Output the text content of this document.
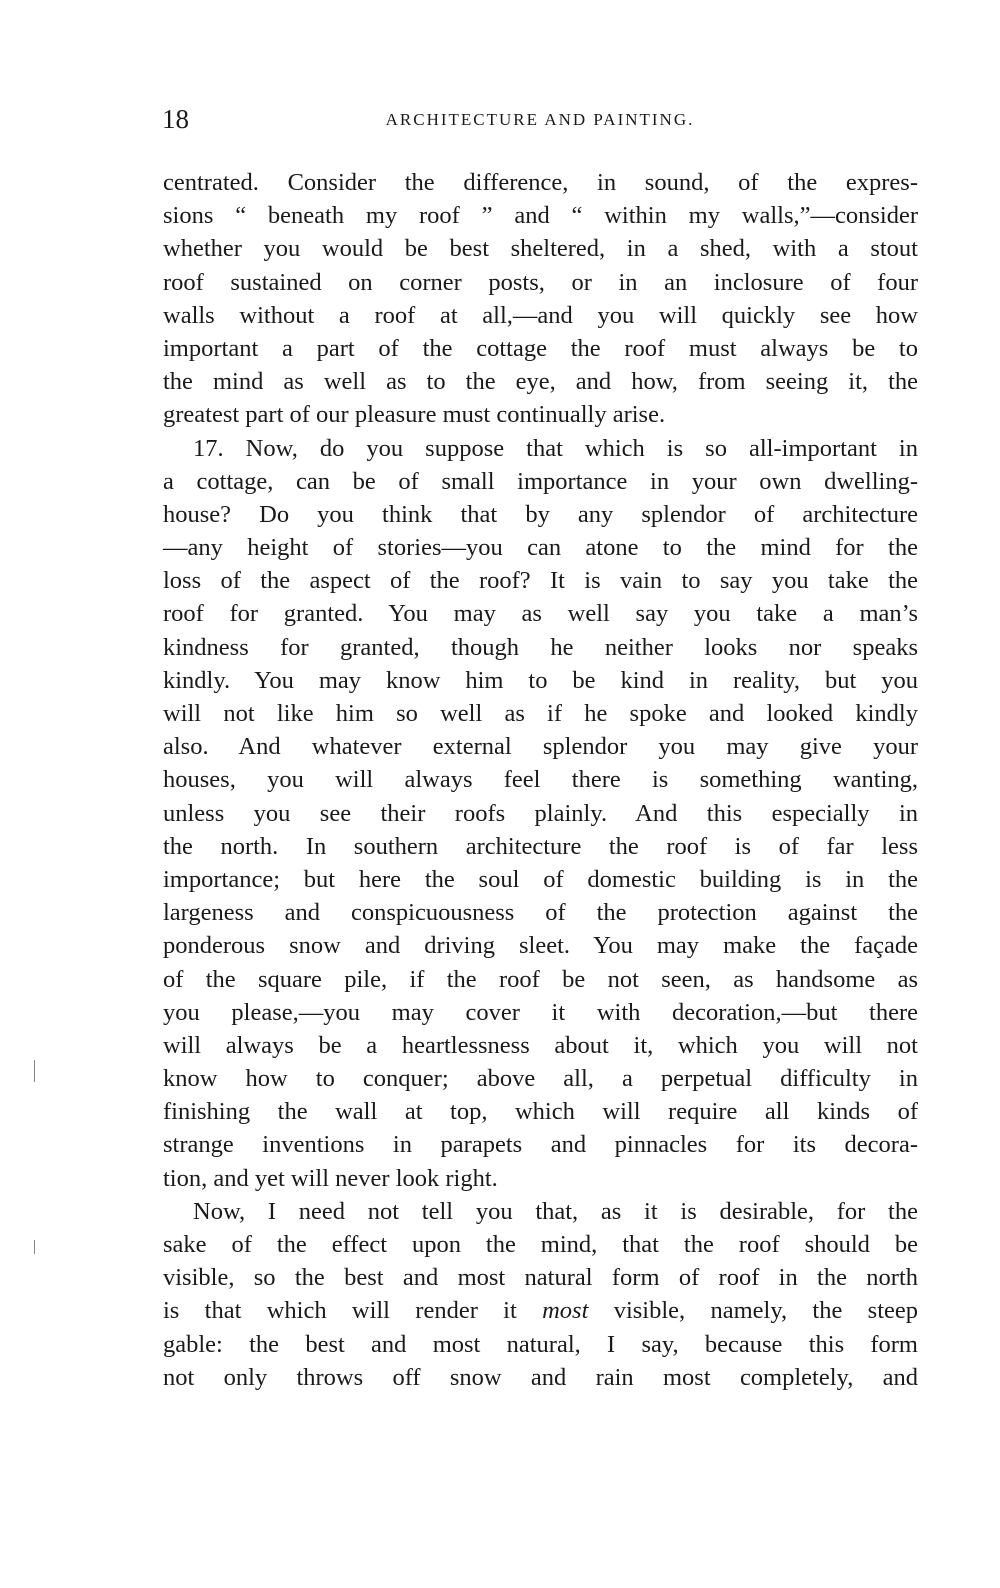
18	ARCHITECTURE AND PAINTING.
centrated. Consider the difference, in sound, of the expres-
sions “ beneath my roof ” and “ within my walls,”—consider
whether you would be best sheltered, in a shed, with a stout
roof sustained on corner posts, or in an inclosure of four
walls without a roof at all,—and you will quickly see how
important a part of the cottage the roof must always be to
the mind as well as to the eye, and how, from seeing it, the
greatest part of our pleasure must continually arise.
17. Now, do you suppose that which is so all-important in
a cottage, can be of small importance in your own dwelling-
house? Do you think that by any splendor of architecture
—any height of stories—you can atone to the mind for the
loss of the aspect of the roof? It is vain to say you take the
roof for granted. You may as well say you take a man’s
kindness for granted, though he neither looks nor speaks
kindly. You may know him to be kind in reality, but you
will not like him so well as if he spoke and looked kindly
also. And whatever external splendor you may give your
houses, you will always feel there is something wanting,
unless you see their roofs plainly. And this especially in
the north. In southern architecture the roof is of far less
importance; but here the soul of domestic building is in the
largeness and conspicuousness of the protection against the
ponderous snow and driving sleet. You may make the façade
of the square pile, if the roof be not seen, as handsome as
you please,—you may cover it with decoration,—but there
will always be a heartlessness about it, which you will not
know how to conquer; above all, a perpetual difficulty in
finishing the wall at top, which will require all kinds of
strange inventions in parapets and pinnacles for its decora-
tion, and yet will never look right.
Now, I need not tell you that, as it is desirable, for the
sake of the effect upon the mind, that the roof should be
visible, so the best and most natural form of roof in the north
is that which will render it most visible, namely, the steep
gable: the best and most natural, I say, because this form
not only throws off snow and rain most completely, and
